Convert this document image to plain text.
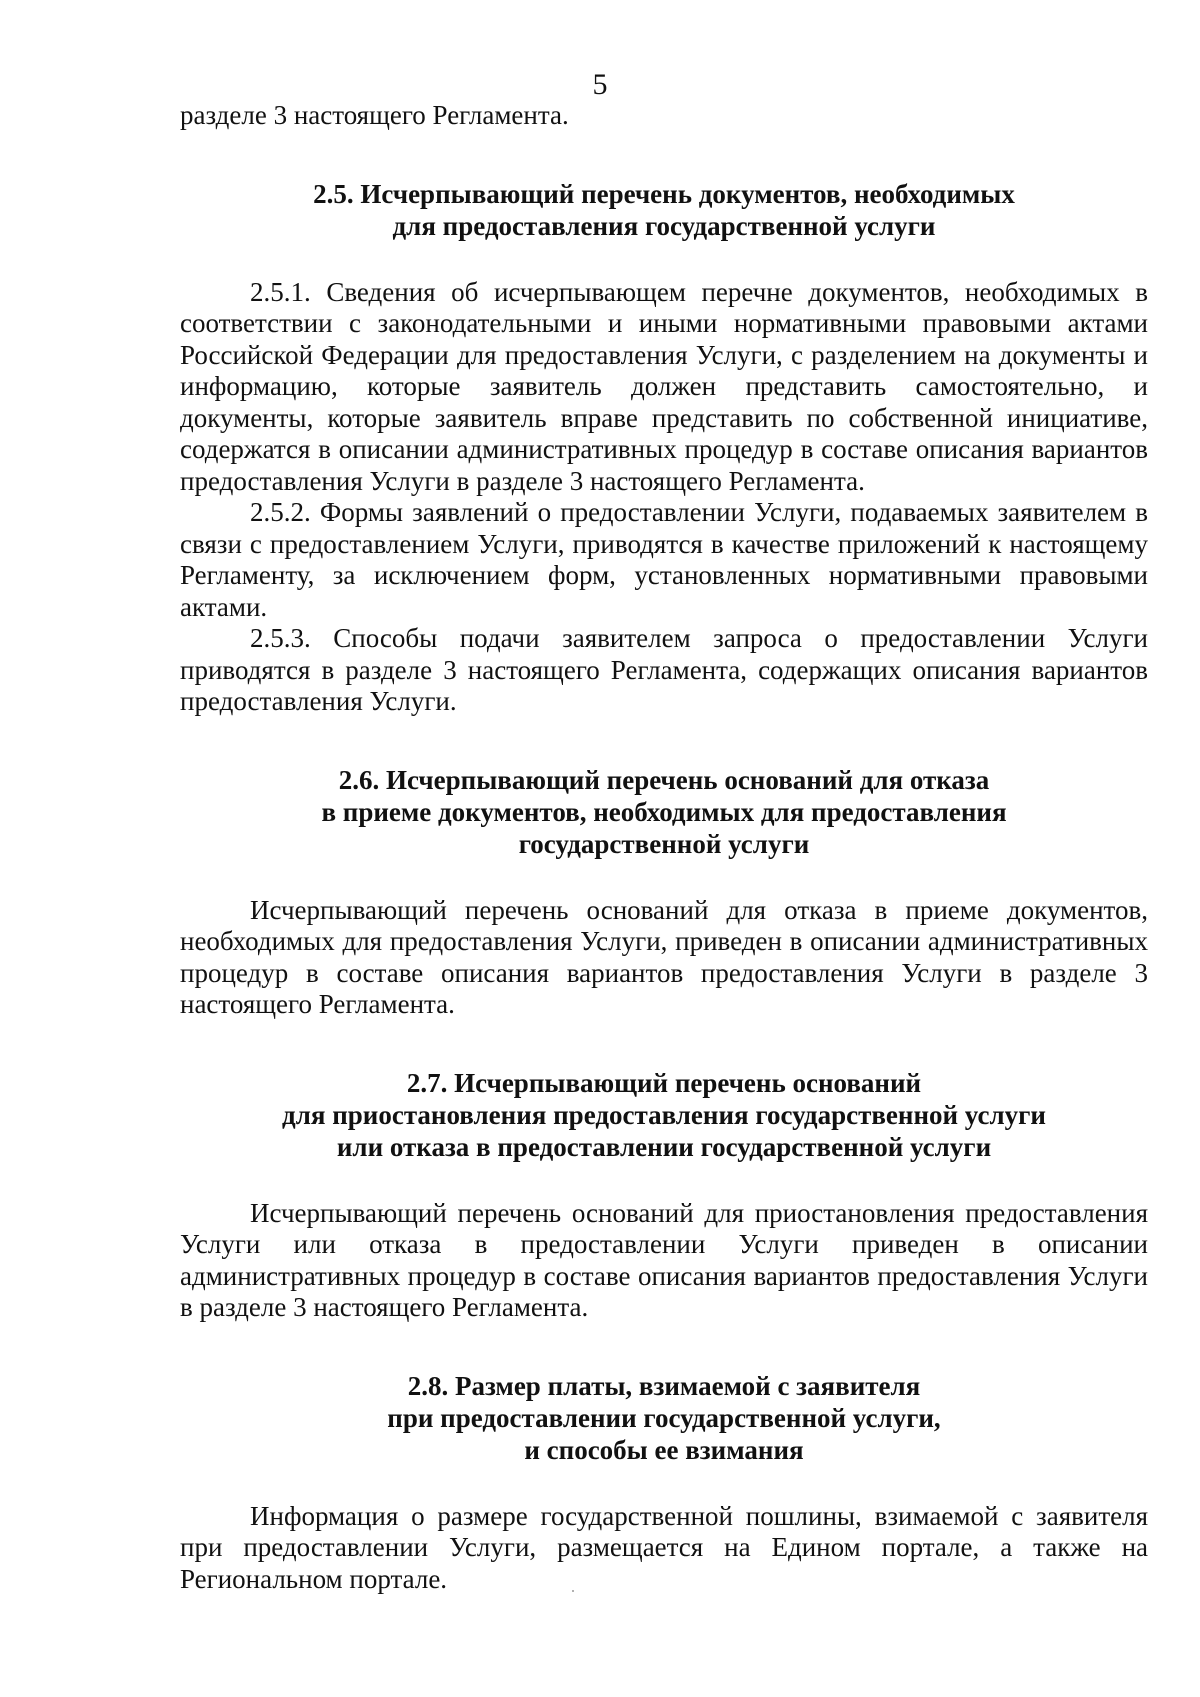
5

разделе 3 настоящего Регламента.

2.5. Исчерпывающий перечень документов, необходимых
для предоставления государственной услуги

2.5.1. Сведения об исчерпывающем перечне документов, необходимых в соответствии с законодательными и иными нормативными правовыми актами Российской Федерации для предоставления Услуги, с разделением на документы и информацию, которые заявитель должен представить самостоятельно, и документы, которые заявитель вправе представить по собственной инициативе, содержатся в описании административных процедур в составе описания вариантов предоставления Услуги в разделе 3 настоящего Регламента.

2.5.2. Формы заявлений о предоставлении Услуги, подаваемых заявителем в связи с предоставлением Услуги, приводятся в качестве приложений к настоящему Регламенту, за исключением форм, установленных нормативными правовыми актами.

2.5.3. Способы подачи заявителем запроса о предоставлении Услуги приводятся в разделе 3 настоящего Регламента, содержащих описания вариантов предоставления Услуги.

2.6. Исчерпывающий перечень оснований для отказа
в приеме документов, необходимых для предоставления
государственной услуги

Исчерпывающий перечень оснований для отказа в приеме документов, необходимых для предоставления Услуги, приведен в описании административных процедур в составе описания вариантов предоставления Услуги в разделе 3 настоящего Регламента.

2.7. Исчерпывающий перечень оснований
для приостановления предоставления государственной услуги
или отказа в предоставлении государственной услуги

Исчерпывающий перечень оснований для приостановления предоставления Услуги или отказа в предоставлении Услуги приведен в описании административных процедур в составе описания вариантов предоставления Услуги в разделе 3 настоящего Регламента.

2.8. Размер платы, взимаемой с заявителя
при предоставлении государственной услуги,
и способы ее взимания

Информация о размере государственной пошлины, взимаемой с заявителя при предоставлении Услуги, размещается на Едином портале, а также на Региональном портале.
